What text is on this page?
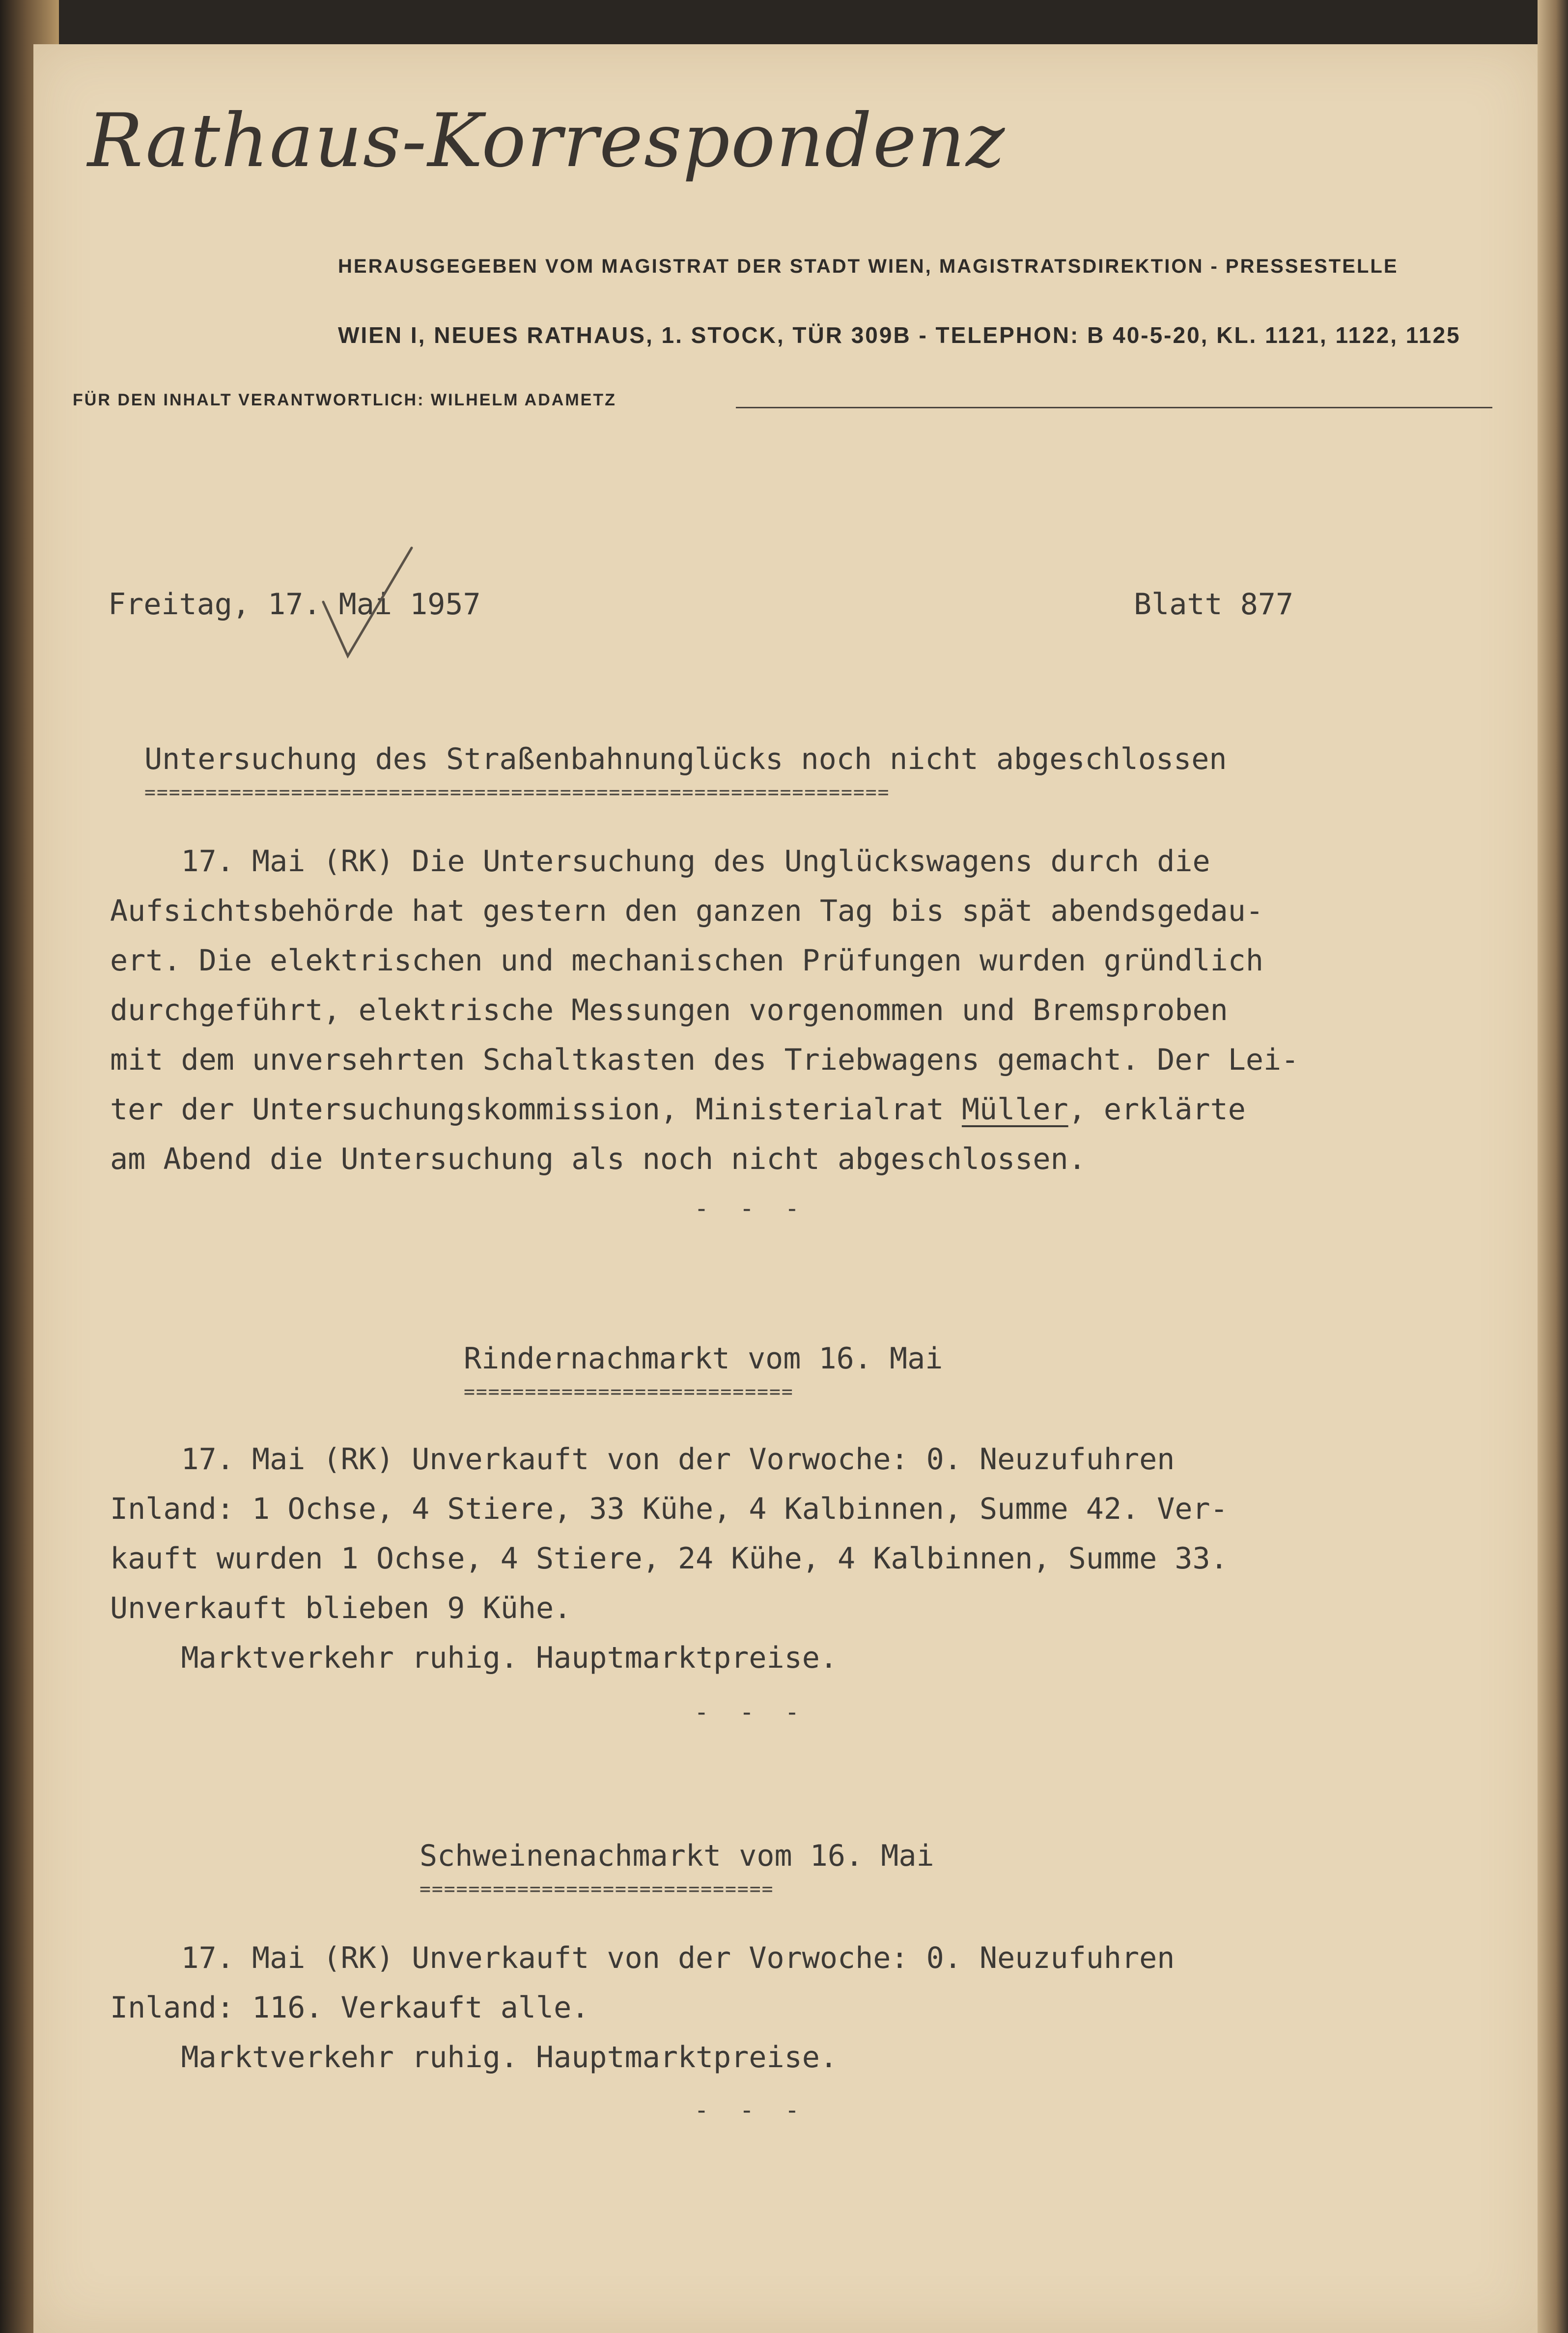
Rathaus-Korrespondenz
HERAUSGEGEBEN VOM MAGISTRAT DER STADT WIEN, MAGISTRATSDIREKTION - PRESSESTELLE
WIEN I, NEUES RATHAUS, 1. STOCK, TÜR 309B - TELEPHON: B 40-5-20, KL. 1121, 1122, 1125
FÜR DEN INHALT VERANTWORTLICH: WILHELM ADAMETZ
Freitag, 17. Mai 1957	Blatt 877
Untersuchung des Straßenbahnunglücks noch nicht abgeschlossen
=============================================================
17. Mai (RK) Die Untersuchung des Unglückswagens durch die
Aufsichtsbehörde hat gestern den ganzen Tag bis spät abendsgedau-
ert. Die elektrischen und mechanischen Prüfungen wurden gründlich
durchgeführt, elektrische Messungen vorgenommen und Bremsproben
mit dem unversehrten Schaltkasten des Triebwagens gemacht. Der Lei-
ter der Untersuchungskommission, Ministerialrat Müller, erklärte
am Abend die Untersuchung als noch nicht abgeschlossen.
- - -
Rindernachmarkt vom 16. Mai
===========================
17. Mai (RK) Unverkauft von der Vorwoche: 0. Neuzufuhren
Inland: 1 Ochse, 4 Stiere, 33 Kühe, 4 Kalbinnen, Summe 42. Ver-
kauft wurden 1 Ochse, 4 Stiere, 24 Kühe, 4 Kalbinnen, Summe 33.
Unverkauft blieben 9 Kühe.
Marktverkehr ruhig. Hauptmarktpreise.
- - -
Schweinenachmarkt vom 16. Mai
=============================
17. Mai (RK) Unverkauft von der Vorwoche: 0. Neuzufuhren
Inland: 116. Verkauft alle.
Marktverkehr ruhig. Hauptmarktpreise.
- - -
